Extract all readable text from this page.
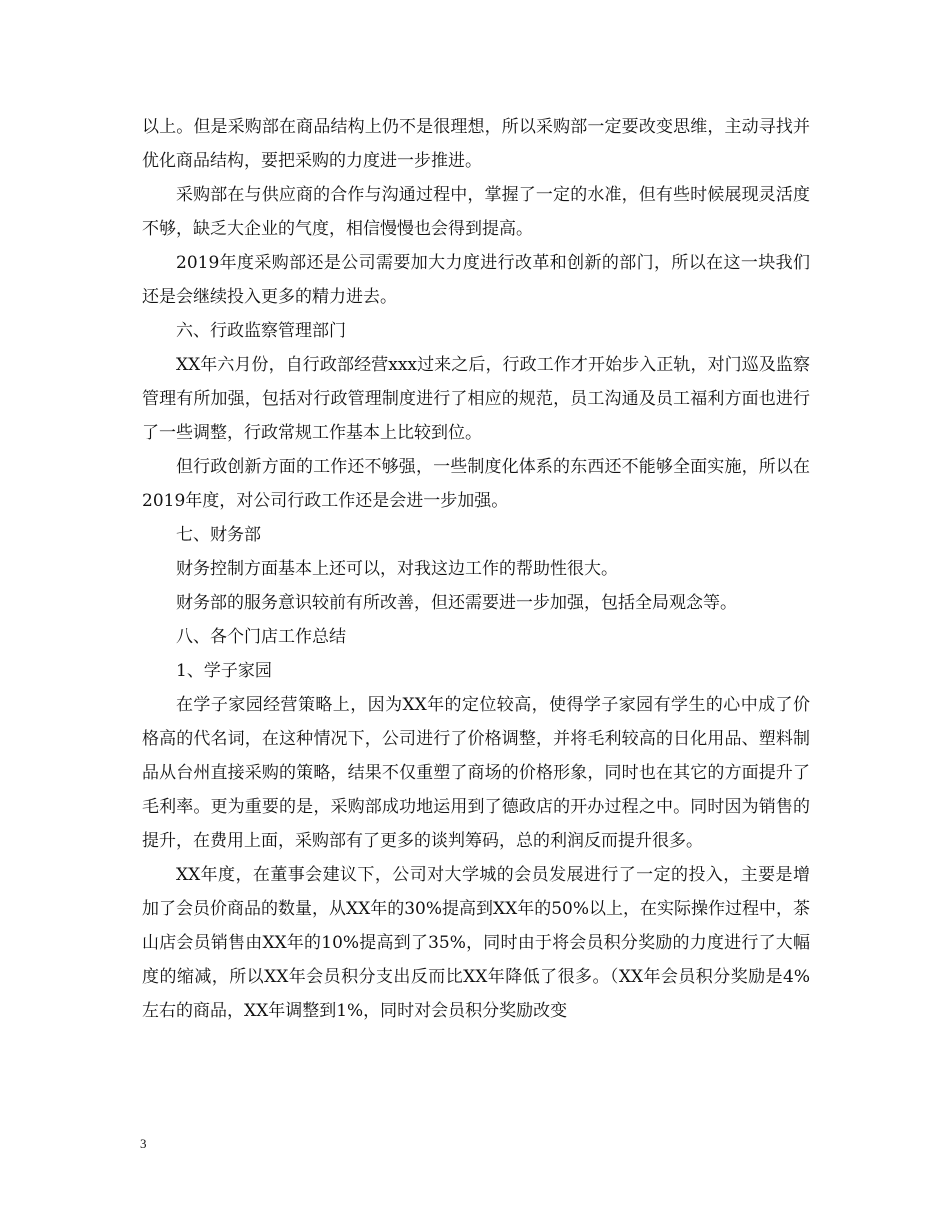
以上。但是采购部在商品结构上仍不是很理想，所以采购部一定要改变思维，主动寻找并优化商品结构，要把采购的力度进一步推进。

采购部在与供应商的合作与沟通过程中，掌握了一定的水准，但有些时候展现灵活度不够，缺乏大企业的气度，相信慢慢也会得到提高。

2019年度采购部还是公司需要加大力度进行改革和创新的部门，所以在这一块我们还是会继续投入更多的精力进去。

六、行政监察管理部门

XX年六月份，自行政部经营xxx过来之后，行政工作才开始步入正轨，对门巡及监察管理有所加强，包括对行政管理制度进行了相应的规范，员工沟通及员工福利方面也进行了一些调整，行政常规工作基本上比较到位。

但行政创新方面的工作还不够强，一些制度化体系的东西还不能够全面实施，所以在2019年度，对公司行政工作还是会进一步加强。

七、财务部

财务控制方面基本上还可以，对我这边工作的帮助性很大。

财务部的服务意识较前有所改善，但还需要进一步加强，包括全局观念等。

八、各个门店工作总结

1、学子家园

在学子家园经营策略上，因为XX年的定位较高，使得学子家园有学生的心中成了价格高的代名词，在这种情况下，公司进行了价格调整，并将毛利较高的日化用品、塑料制品从台州直接采购的策略，结果不仅重塑了商场的价格形象，同时也在其它的方面提升了毛利率。更为重要的是，采购部成功地运用到了德政店的开办过程之中。同时因为销售的提升，在费用上面，采购部有了更多的谈判筹码，总的利润反而提升很多。

XX年度，在董事会建议下，公司对大学城的会员发展进行了一定的投入，主要是增加了会员价商品的数量，从XX年的30%提高到XX年的50%以上，在实际操作过程中，茶山店会员销售由XX年的10%提高到了35%，同时由于将会员积分奖励的力度进行了大幅度的缩减，所以XX年会员积分支出反而比XX年降低了很多。（XX年会员积分奖励是4%左右的商品，XX年调整到1%，同时对会员积分奖励改变

3
